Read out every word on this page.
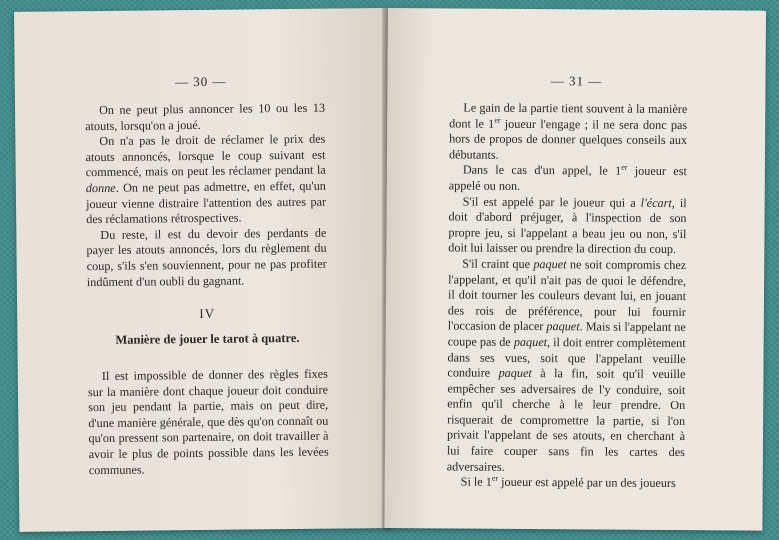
— 30 —

On ne peut plus annoncer les 10 ou les 13 atouts, lorsqu'on a joué.

On n'a pas le droit de réclamer le prix des atouts annoncés, lorsque le coup suivant est commencé, mais on peut les réclamer pendant la donne. On ne peut pas admettre, en effet, qu'un joueur vienne distraire l'attention des autres par des réclamations rétrospectives.

Du reste, il est du devoir des perdants de payer les atouts annoncés, lors du règlement du coup, s'ils s'en souviennent, pour ne pas profiter indûment d'un oubli du gagnant.

IV
Manière de jouer le tarot à quatre.

Il est impossible de donner des règles fixes sur la manière dont chaque joueur doit conduire son jeu pendant la partie, mais on peut dire, d'une manière générale, que dès qu'on connaît ou qu'on pressent son partenaire, on doit travailler à avoir le plus de points possible dans les levées communes.

— 31 —

Le gain de la partie tient souvent à la manière dont le 1er joueur l'engage ; il ne sera donc pas hors de propos de donner quelques conseils aux débutants.

Dans le cas d'un appel, le 1er joueur est appelé ou non.

S'il est appelé par le joueur qui a l'écart, il doit d'abord préjuger, à l'inspection de son propre jeu, si l'appelant a beau jeu ou non, s'il doit lui laisser ou prendre la direction du coup.

S'il craint que paquet ne soit compromis chez l'appelant, et qu'il n'ait pas de quoi le défendre, il doit tourner les couleurs devant lui, en jouant des rois de préférence, pour lui fournir l'occasion de placer paquet. Mais si l'appelant ne coupe pas de paquet, il doit entrer complètement dans ses vues, soit que l'appelant veuille conduire paquet à la fin, soit qu'il veuille empêcher ses adversaires de l'y conduire, soit enfin qu'il cherche à le leur prendre. On risquerait de compromettre la partie, si l'on privait l'appelant de ses atouts, en cherchant à lui faire couper sans fin les cartes des adversaires.

Si le 1er joueur est appelé par un des joueurs
